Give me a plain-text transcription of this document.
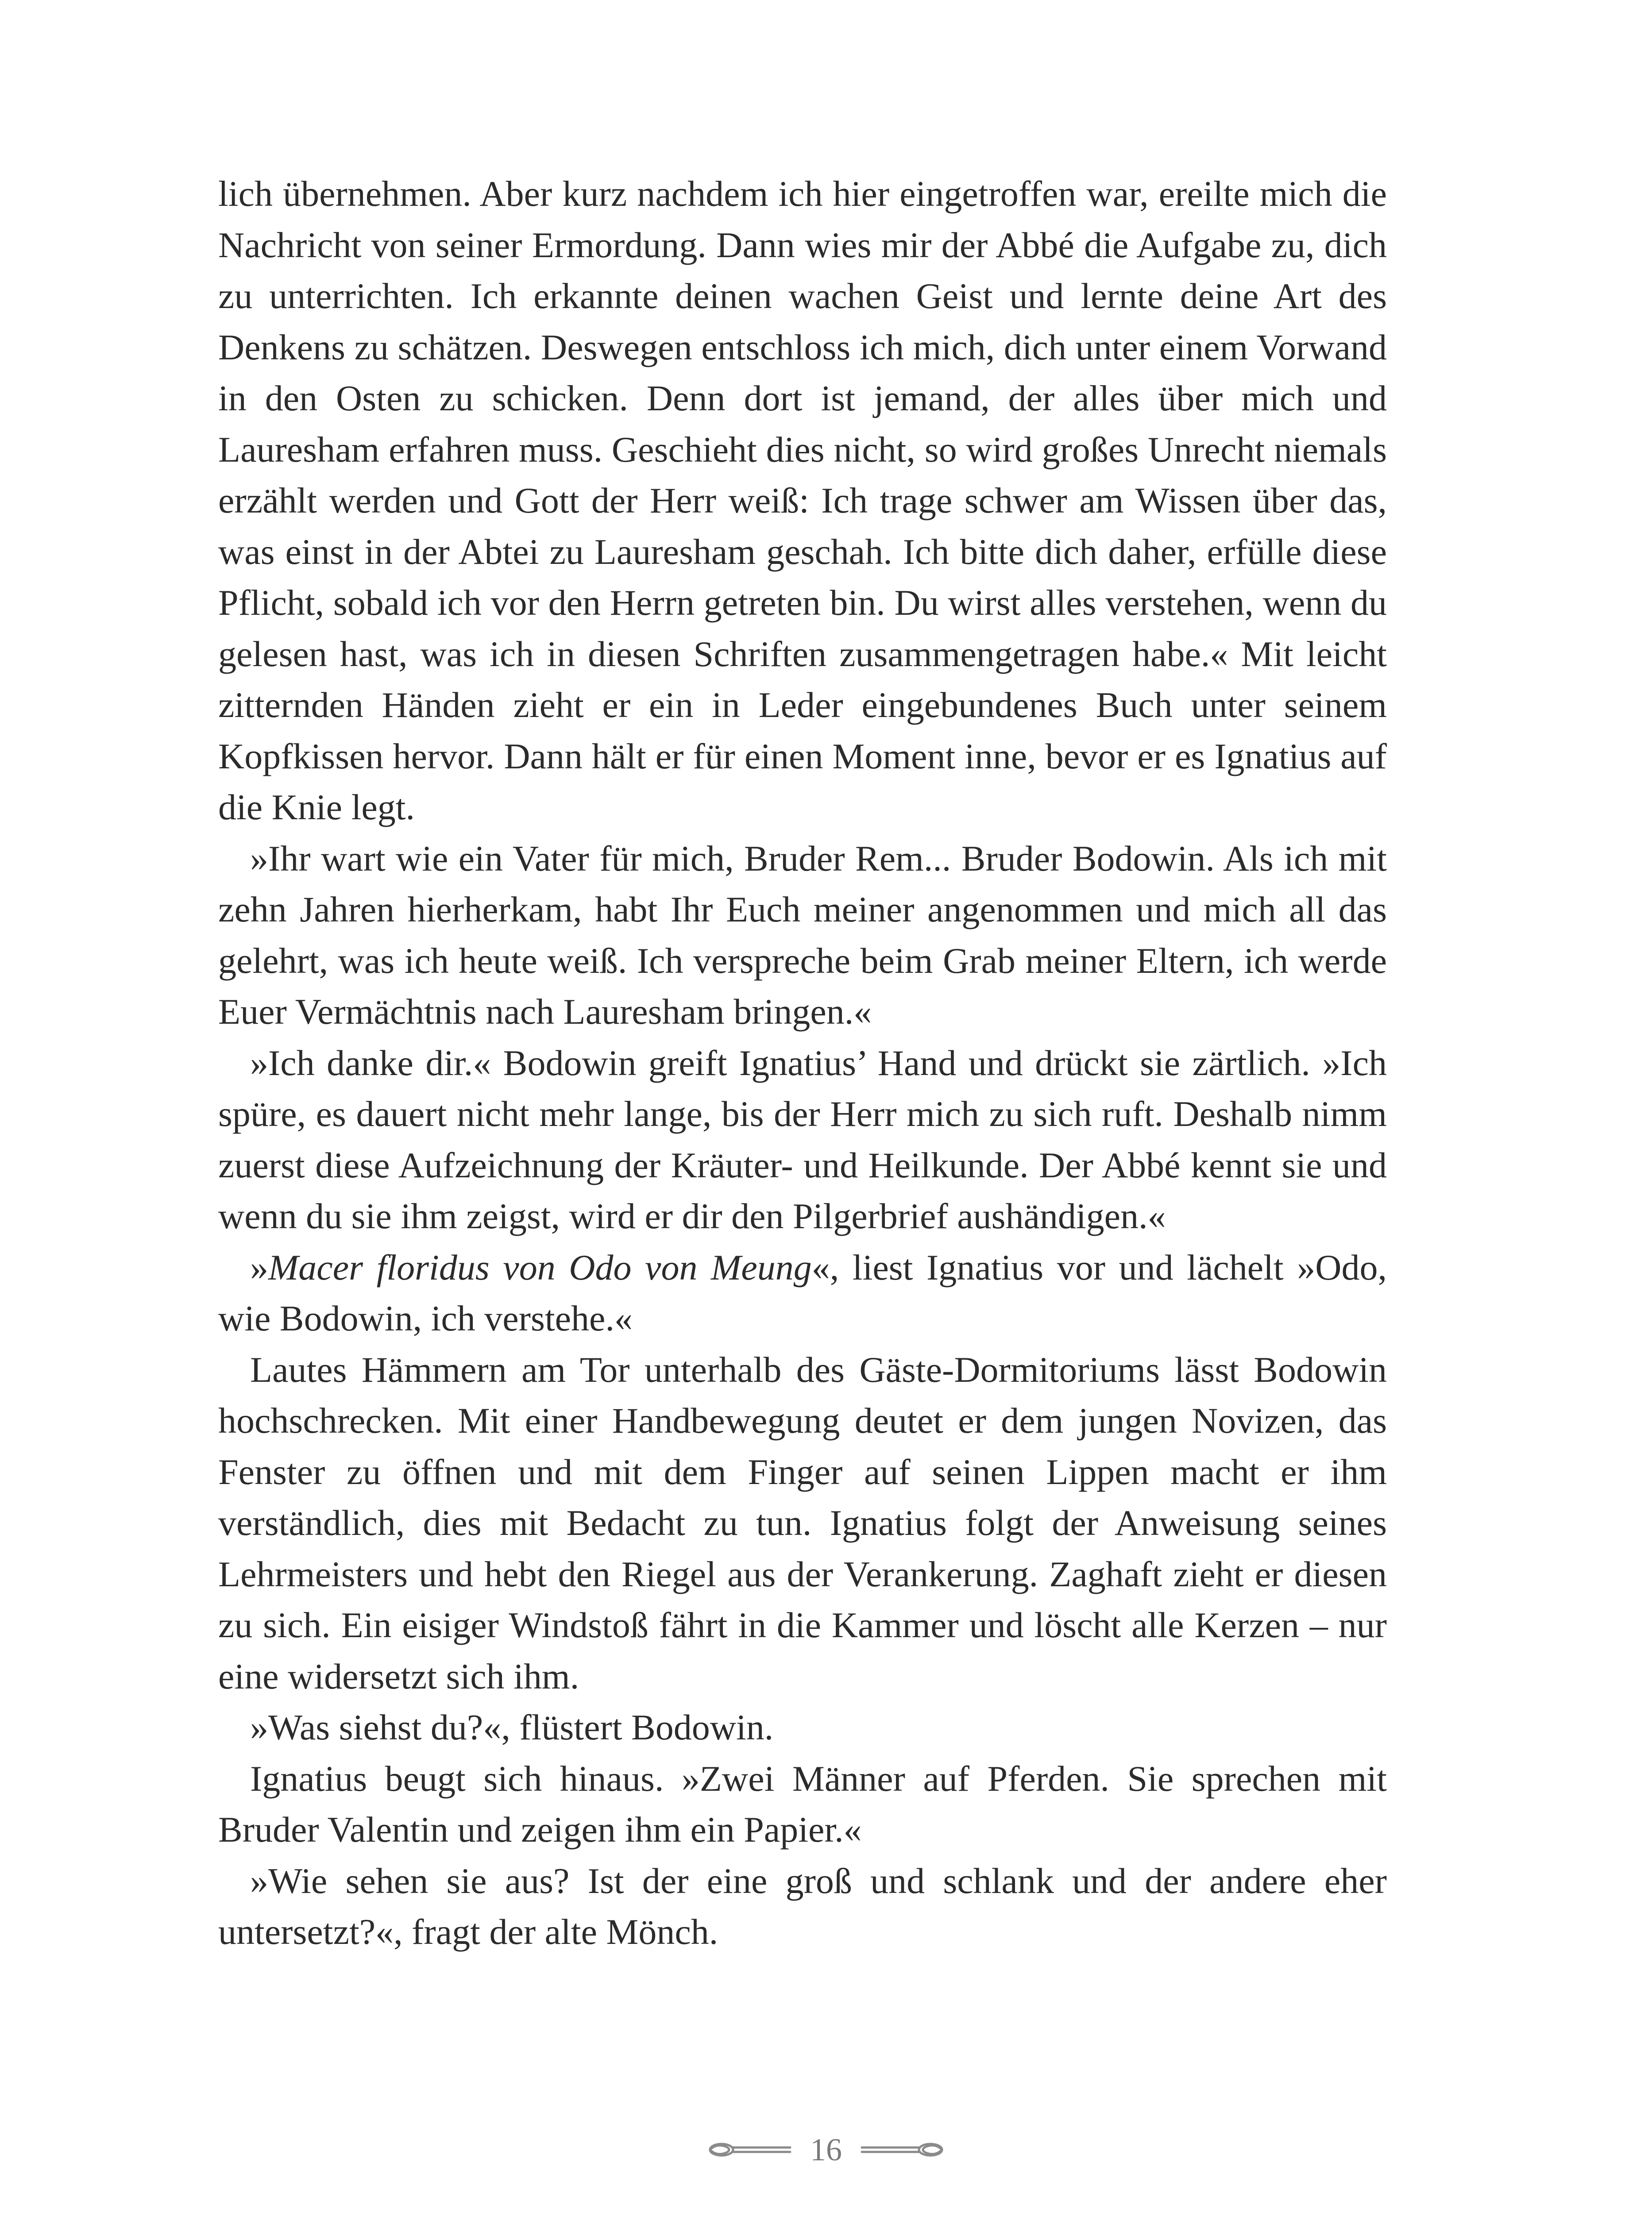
lich übernehmen. Aber kurz nachdem ich hier eingetroffen war, ereilte mich die Nachricht von seiner Ermordung. Dann wies mir der Abbé die Aufgabe zu, dich zu unterrichten. Ich erkannte deinen wachen Geist und lernte deine Art des Denkens zu schätzen. Deswegen entschloss ich mich, dich unter einem Vorwand in den Osten zu schicken. Denn dort ist jemand, der alles über mich und Lauresham erfahren muss. Geschieht dies nicht, so wird großes Unrecht niemals erzählt werden und Gott der Herr weiß: Ich trage schwer am Wissen über das, was einst in der Abtei zu Lauresham geschah. Ich bitte dich daher, erfülle diese Pflicht, sobald ich vor den Herrn getreten bin. Du wirst alles verstehen, wenn du gelesen hast, was ich in diesen Schriften zusammengetragen habe.« Mit leicht zitternden Händen zieht er ein in Leder eingebundenes Buch unter seinem Kopfkissen hervor. Dann hält er für einen Moment inne, bevor er es Ignatius auf die Knie legt.

»Ihr wart wie ein Vater für mich, Bruder Rem... Bruder Bodowin. Als ich mit zehn Jahren hierherkam, habt Ihr Euch meiner angenommen und mich all das gelehrt, was ich heute weiß. Ich verspreche beim Grab meiner Eltern, ich werde Euer Vermächtnis nach Lauresham bringen.«

»Ich danke dir.« Bodowin greift Ignatius’ Hand und drückt sie zärtlich. »Ich spüre, es dauert nicht mehr lange, bis der Herr mich zu sich ruft. Deshalb nimm zuerst diese Aufzeichnung der Kräuter- und Heilkunde. Der Abbé kennt sie und wenn du sie ihm zeigst, wird er dir den Pilgerbrief aushändigen.«

»Macer floridus von Odo von Meung«, liest Ignatius vor und lächelt »Odo, wie Bodowin, ich verstehe.«

Lautes Hämmern am Tor unterhalb des Gäste-Dormitoriums lässt Bodowin hochschrecken. Mit einer Handbewegung deutet er dem jungen Novizen, das Fenster zu öffnen und mit dem Finger auf seinen Lippen macht er ihm verständlich, dies mit Bedacht zu tun. Ignatius folgt der Anweisung seines Lehrmeisters und hebt den Riegel aus der Verankerung. Zaghaft zieht er diesen zu sich. Ein eisiger Windstoß fährt in die Kammer und löscht alle Kerzen – nur eine widersetzt sich ihm.

»Was siehst du?«, flüstert Bodowin.

Ignatius beugt sich hinaus. »Zwei Männer auf Pferden. Sie sprechen mit Bruder Valentin und zeigen ihm ein Papier.«

»Wie sehen sie aus? Ist der eine groß und schlank und der andere eher untersetzt?«, fragt der alte Mönch.

16
